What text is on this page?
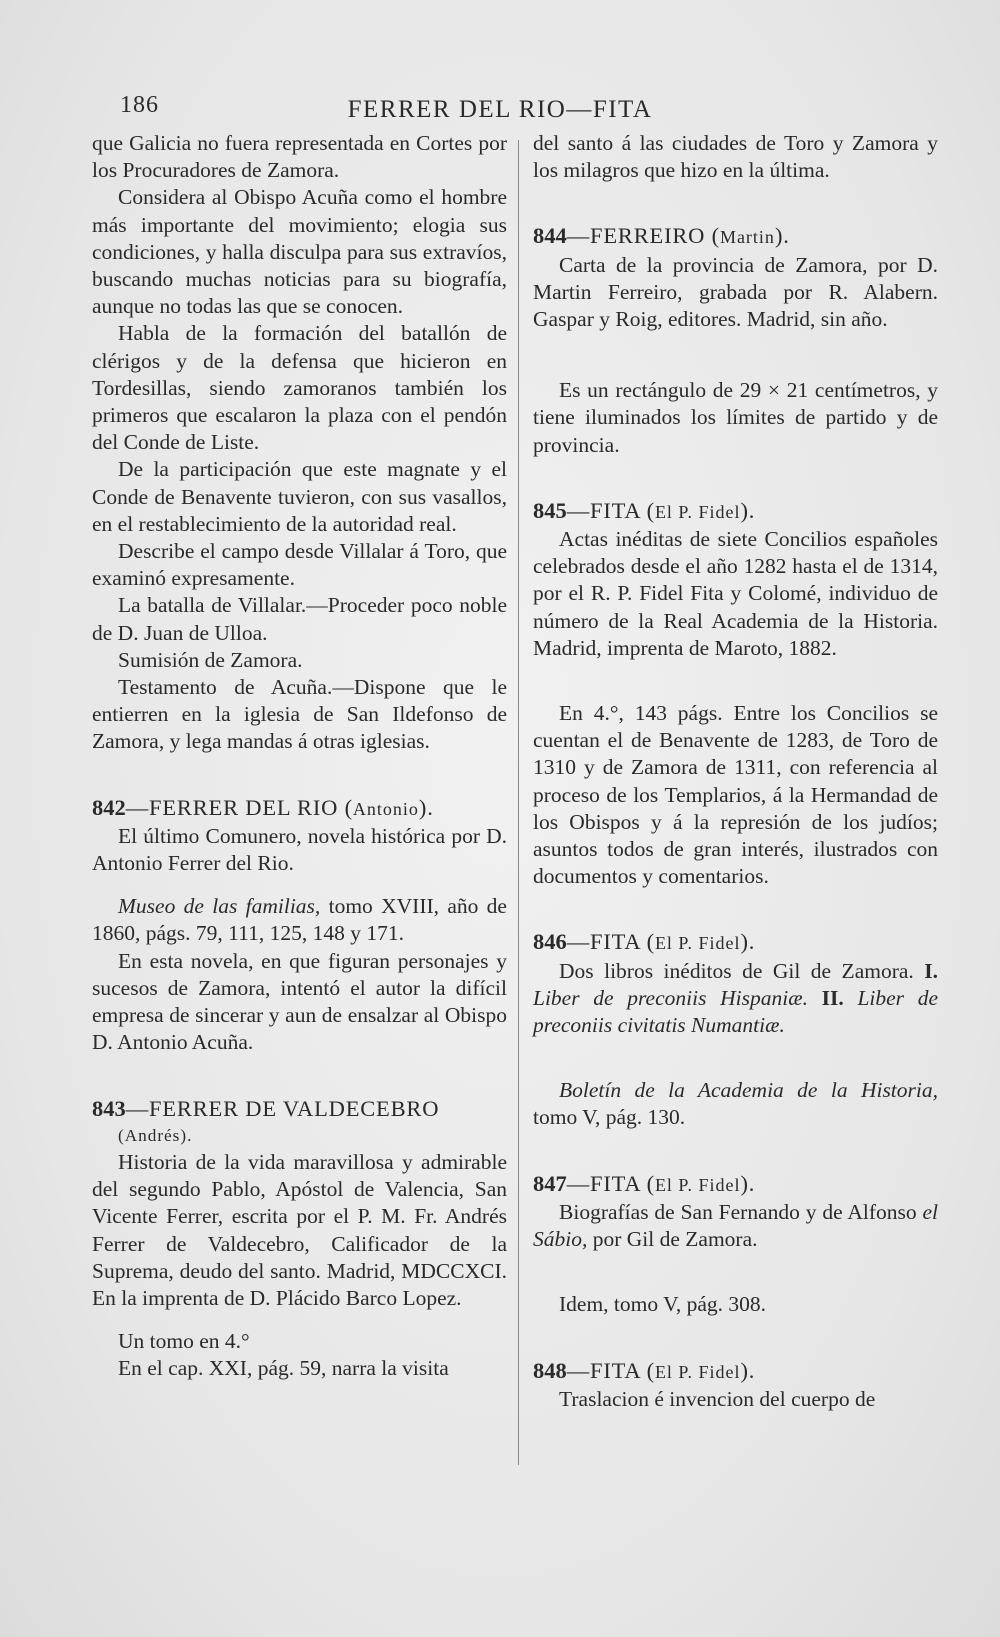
186	FERRER DEL RIO—FITA

que Galicia no fuera representada en Cortes por los Procuradores de Zamora.

Considera al Obispo Acuña como el hombre más importante del movimiento; elogia sus condiciones, y halla disculpa para sus extravíos, buscando muchas noticias para su biografía, aunque no todas las que se conocen.

Habla de la formación del batallón de clérigos y de la defensa que hicieron en Tordesillas, siendo zamoranos también los primeros que escalaron la plaza con el pendón del Conde de Liste.

De la participación que este magnate y el Conde de Benavente tuvieron, con sus vasallos, en el restablecimiento de la autoridad real.

Describe el campo desde Villalar á Toro, que examinó expresamente.

La batalla de Villalar.—Proceder poco noble de D. Juan de Ulloa.

Sumisión de Zamora.

Testamento de Acuña.—Dispone que le entierren en la iglesia de San Ildefonso de Zamora, y lega mandas á otras iglesias.

842—FERRER DEL RIO (Antonio).

El último Comunero, novela histórica por D. Antonio Ferrer del Rio.

Museo de las familias, tomo XVIII, año de 1860, págs. 79, 111, 125, 148 y 171.

En esta novela, en que figuran personajes y sucesos de Zamora, intentó el autor la difícil empresa de sincerar y aun de ensalzar al Obispo D. Antonio Acuña.

843—FERRER DE VALDECEBRO

(Andrés).

Historia de la vida maravillosa y admirable del segundo Pablo, Apóstol de Valencia, San Vicente Ferrer, escrita por el P. M. Fr. Andrés Ferrer de Valdecebro, Calificador de la Suprema, deudo del santo. Madrid, MDCCXCI. En la imprenta de D. Plácido Barco Lopez.

Un tomo en 4.°

En el cap. XXI, pág. 59, narra la visita

del santo á las ciudades de Toro y Zamora y los milagros que hizo en la última.

844—FERREIRO (Martin).

Carta de la provincia de Zamora, por D. Martin Ferreiro, grabada por R. Alabern. Gaspar y Roig, editores. Madrid, sin año.

Es un rectángulo de 29 × 21 centímetros, y tiene iluminados los límites de partido y de provincia.

845—FITA (El P. Fidel).

Actas inéditas de siete Concilios españoles celebrados desde el año 1282 hasta el de 1314, por el R. P. Fidel Fita y Colomé, individuo de número de la Real Academia de la Historia. Madrid, imprenta de Maroto, 1882.

En 4.°, 143 págs. Entre los Concilios se cuentan el de Benavente de 1283, de Toro de 1310 y de Zamora de 1311, con referencia al proceso de los Templarios, á la Hermandad de los Obispos y á la represión de los judíos; asuntos todos de gran interés, ilustrados con documentos y comentarios.

846—FITA (El P. Fidel).

Dos libros inéditos de Gil de Zamora. I. Liber de preconiis Hispaniæ. II. Liber de preconiis civitatis Numantiæ.

Boletín de la Academia de la Historia, tomo V, pág. 130.

847—FITA (El P. Fidel).

Biografías de San Fernando y de Alfonso el Sábio, por Gil de Zamora.

Idem, tomo V, pág. 308.

848—FITA (El P. Fidel).

Traslacion é invencion del cuerpo de
